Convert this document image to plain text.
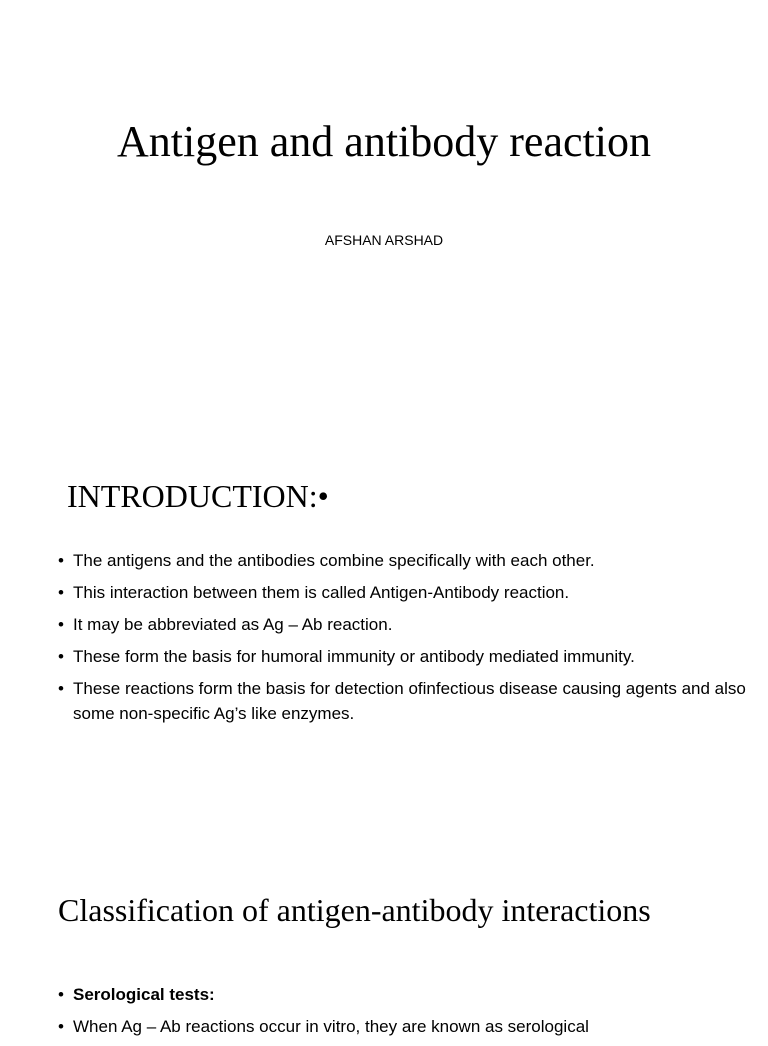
Antigen and antibody reaction

AFSHAN ARSHAD

INTRODUCTION:•
• The antigens and the antibodies combine specifically with each other.
• This interaction between them is called Antigen-Antibody reaction.
• It may be abbreviated as Ag – Ab reaction.
• These form the basis for humoral immunity or antibody mediated immunity.
• These reactions form the basis for detection ofinfectious disease causing agents and also some non-specific Ag’s like enzymes.
Classification of antigen-antibody interactions
• Serological tests:
• When Ag – Ab reactions occur in vitro, they are known as serological
